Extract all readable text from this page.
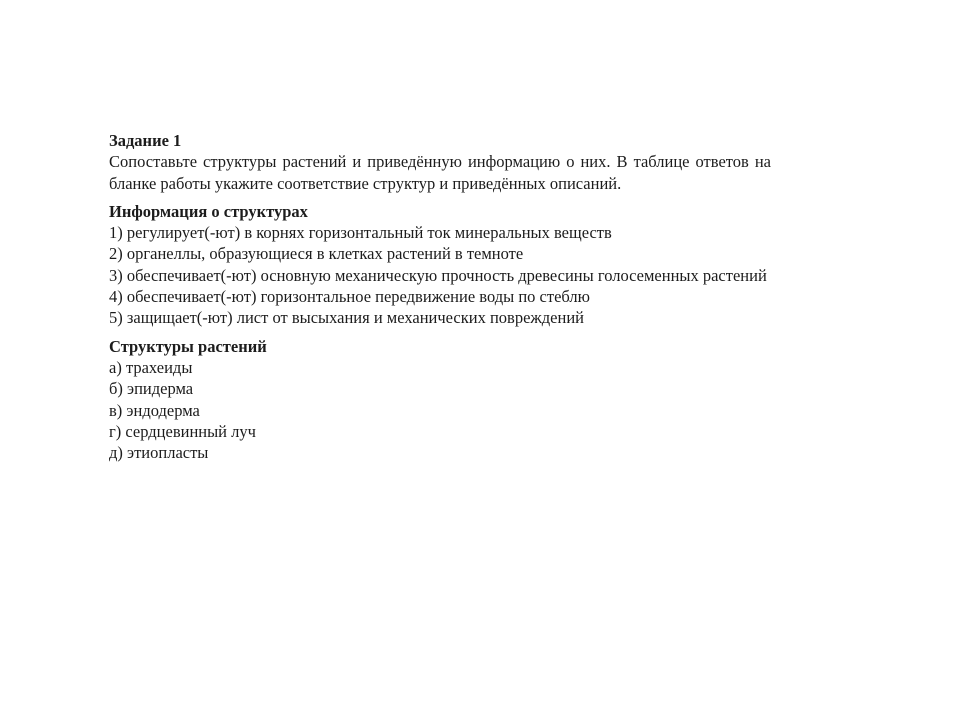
Задание 1

Сопоставьте структуры растений и приведённую информацию о них. В таблице ответов на бланке работы укажите соответствие структур и приведённых описаний.

Информация о структурах

1) регулирует(-ют) в корнях горизонтальный ток минеральных веществ
2) органеллы, образующиеся в клетках растений в темноте
3) обеспечивает(-ют) основную механическую прочность древесины голосеменных растений
4) обеспечивает(-ют) горизонтальное передвижение воды по стеблю
5) защищает(-ют) лист от высыхания и механических повреждений

Структуры растений

а) трахеиды
б) эпидерма
в) эндодерма
г) сердцевинный луч
д) этиопласты
